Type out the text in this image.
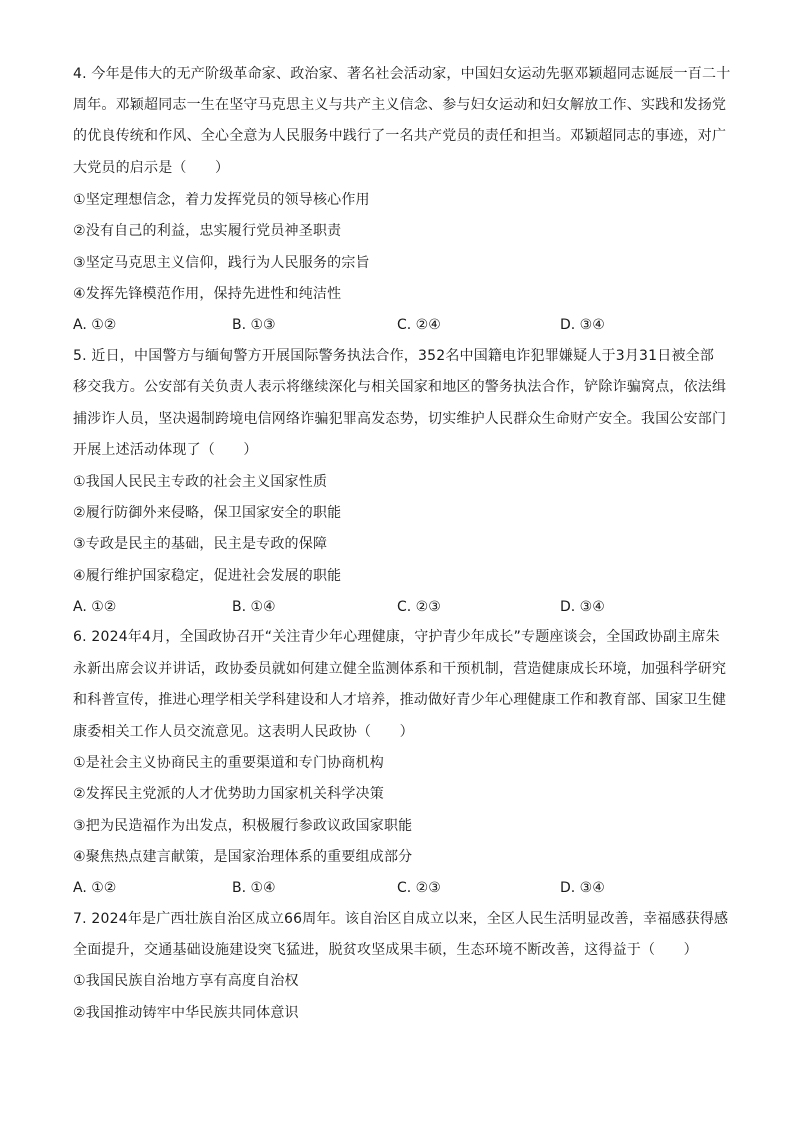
4. 今年是伟大的无产阶级革命家、政治家、著名社会活动家，中国妇女运动先驱邓颖超同志诞辰一百二十
周年。邓颖超同志一生在坚守马克思主义与共产主义信念、参与妇女运动和妇女解放工作、实践和发扬党
的优良传统和作风、全心全意为人民服务中践行了一名共产党员的责任和担当。邓颖超同志的事迹，对广
大党员的启示是（　　）
①坚定理想信念，着力发挥党员的领导核心作用
②没有自己的利益，忠实履行党员神圣职责
③坚定马克思主义信仰，践行为人民服务的宗旨
④发挥先锋模范作用，保持先进性和纯洁性
A. ①②	B. ①③	C. ②④	D. ③④
5. 近日，中国警方与缅甸警方开展国际警务执法合作，352名中国籍电诈犯罪嫌疑人于3月31日被全部
移交我方。公安部有关负责人表示将继续深化与相关国家和地区的警务执法合作，铲除诈骗窝点，依法缉
捕涉诈人员，坚决遏制跨境电信网络诈骗犯罪高发态势，切实维护人民群众生命财产安全。我国公安部门
开展上述活动体现了（　　）
①我国人民民主专政的社会主义国家性质
②履行防御外来侵略，保卫国家安全的职能
③专政是民主的基础，民主是专政的保障
④履行维护国家稳定，促进社会发展的职能
A. ①②	B. ①④	C. ②③	D. ③④
6. 2024年4月，全国政协召开“关注青少年心理健康，守护青少年成长”专题座谈会，全国政协副主席朱
永新出席会议并讲话，政协委员就如何建立健全监测体系和干预机制，营造健康成长环境，加强科学研究
和科普宣传，推进心理学相关学科建设和人才培养，推动做好青少年心理健康工作和教育部、国家卫生健
康委相关工作人员交流意见。这表明人民政协（　　）
①是社会主义协商民主的重要渠道和专门协商机构
②发挥民主党派的人才优势助力国家机关科学决策
③把为民造福作为出发点，积极履行参政议政国家职能
④聚焦热点建言献策，是国家治理体系的重要组成部分
A. ①②	B. ①④	C. ②③	D. ③④
7. 2024年是广西壮族自治区成立66周年。该自治区自成立以来，全区人民生活明显改善，幸福感获得感
全面提升，交通基础设施建设突飞猛进，脱贫攻坚成果丰硕，生态环境不断改善，这得益于（　　）
①我国民族自治地方享有高度自治权
②我国推动铸牢中华民族共同体意识
